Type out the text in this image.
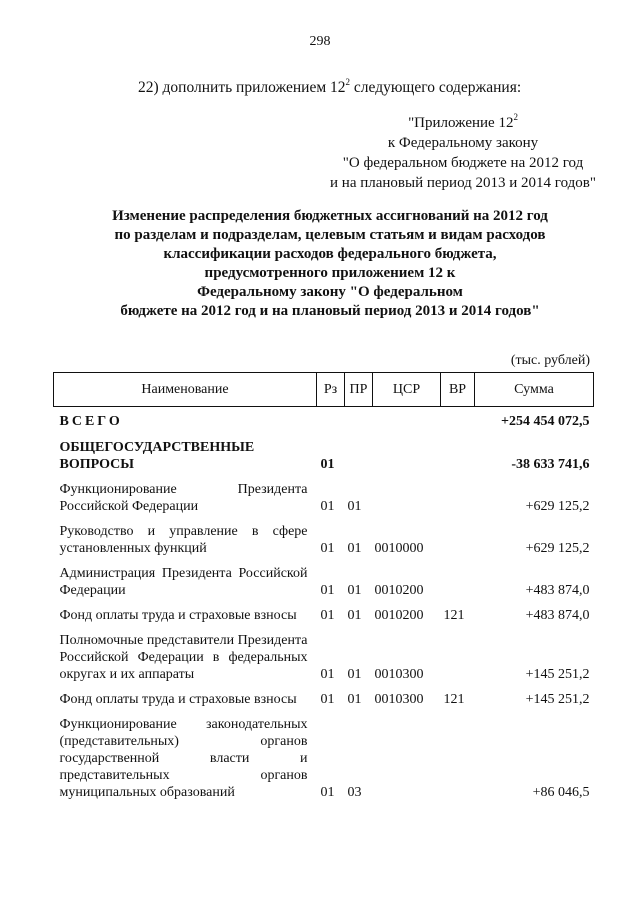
298
22) дополнить приложением $12^2$ следующего содержания:
"Приложение $12^2$
к Федеральному закону
"О федеральном бюджете на 2012 год
и на плановый период 2013 и 2014 годов"
Изменение распределения бюджетных ассигнований на 2012 год
по разделам и подразделам, целевым статьям и видам расходов
классификации расходов федерального бюджета,
предусмотренного приложением 12 к
Федеральному закону "О федеральном
бюджете на 2012 год и на плановый период 2013 и 2014 годов"
(тыс. рублей)
Наименование	Рз	ПР	ЦСР	ВР	Сумма
ВСЕГО					+254 454 072,5
ОБЩЕГОСУДАРСТВЕННЫЕ ВОПРОСЫ	01				-38 633 741,6
Функционирование Президента Российской Федерации	01	01			+629 125,2
Руководство и управление в сфере установленных функций	01	01	0010000		+629 125,2
Администрация Президента Российской Федерации	01	01	0010200		+483 874,0
Фонд оплаты труда и страховые взносы	01	01	0010200	121	+483 874,0
Полномочные представители Президента Российской Федерации в федеральных округах и их аппараты	01	01	0010300		+145 251,2
Фонд оплаты труда и страховые взносы	01	01	0010300	121	+145 251,2
Функционирование законодательных (представительных) органов государственной власти и представительных органов муниципальных образований	01	03			+86 046,5
